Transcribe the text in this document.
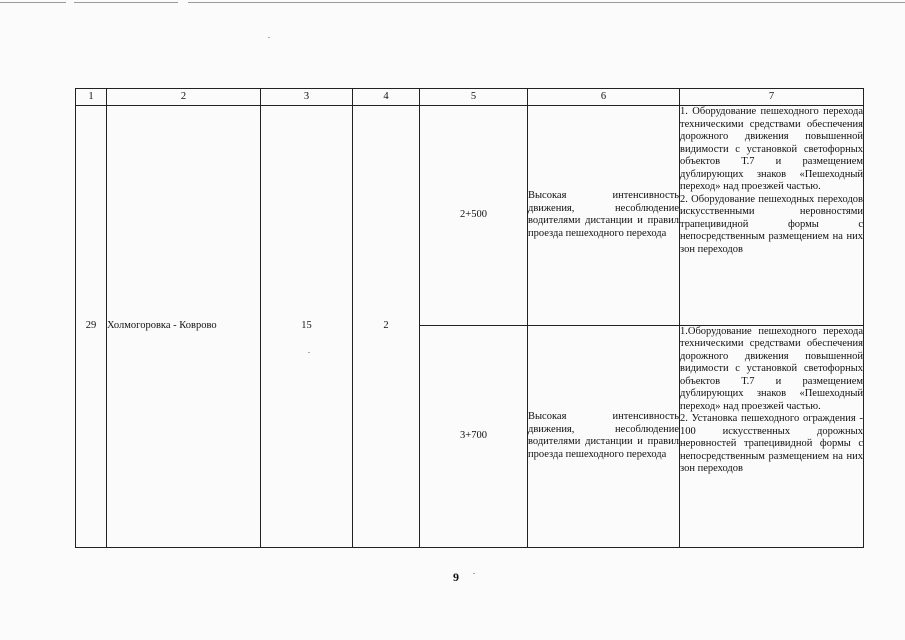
1	2	3	4	5	6	7
29	Холмогоровка - Коврово	15	2	2+500	Высокая интенсивность движения, несоблюдение водителями дистанции и правил проезда пешеходного перехода	1. Оборудование пешеходного перехода техническими средствами обеспечения дорожного движения повышенной видимости с установкой светофорных объектов Т.7 и размещением дублирующих знаков «Пешеходный переход» над проезжей частью.
2. Оборудование пешеходных переходов искусственными неровностями трапецивидной формы с непосредственным размещением на них зон переходов

				3+700	Высокая интенсивность движения, несоблюдение водителями дистанции и правил проезда пешеходного перехода	1.Оборудование пешеходного перехода техническими средствами обеспечения дорожного движения повышенной видимости с установкой светофорных объектов Т.7 и размещением дублирующих знаков «Пешеходный переход» над проезжей частью.
2. Установка пешеходного ограждения - 100 искусственных дорожных неровностей трапецивидной формы с непосредственным размещением на них зон переходов
9
